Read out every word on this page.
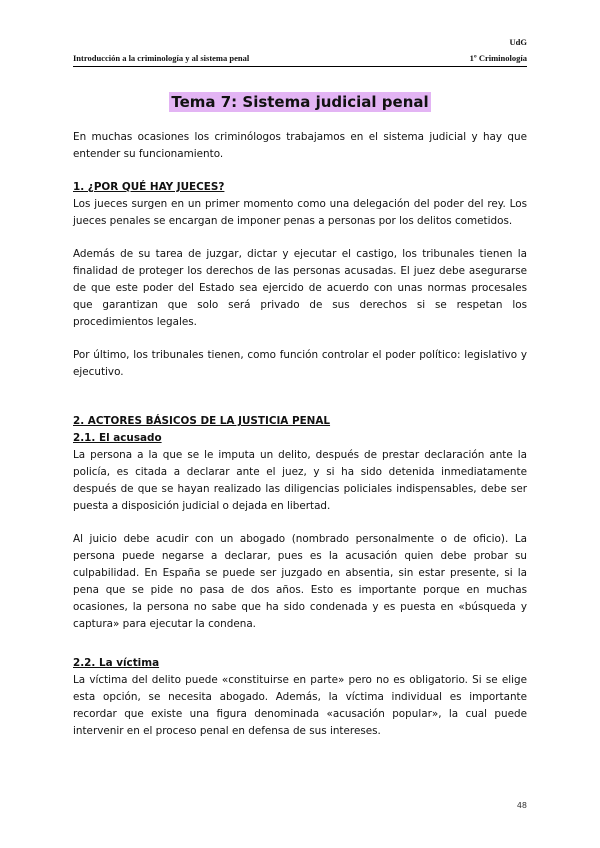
UdG
Introducción a la criminología y al sistema penal	1º Criminología
Tema 7: Sistema judicial penal

En muchas ocasiones los criminólogos trabajamos en el sistema judicial y hay que entender su funcionamiento.

1. ¿POR QUÉ HAY JUECES?

Los jueces surgen en un primer momento como una delegación del poder del rey. Los jueces penales se encargan de imponer penas a personas por los delitos cometidos.

Además de su tarea de juzgar, dictar y ejecutar el castigo, los tribunales tienen la finalidad de proteger los derechos de las personas acusadas. El juez debe asegurarse de que este poder del Estado sea ejercido de acuerdo con unas normas procesales que garantizan que solo será privado de sus derechos si se respetan los procedimientos legales.

Por último, los tribunales tienen, como función controlar el poder político: legislativo y ejecutivo.

2. ACTORES BÁSICOS DE LA JUSTICIA PENAL
2.1. El acusado

La persona a la que se le imputa un delito, después de prestar declaración ante la policía, es citada a declarar ante el juez, y si ha sido detenida inmediatamente después de que se hayan realizado las diligencias policiales indispensables, debe ser puesta a disposición judicial o dejada en libertad.

Al juicio debe acudir con un abogado (nombrado personalmente o de oficio). La persona puede negarse a declarar, pues es la acusación quien debe probar su culpabilidad. En España se puede ser juzgado en absentia, sin estar presente, si la pena que se pide no pasa de dos años. Esto es importante porque en muchas ocasiones, la persona no sabe que ha sido condenada y es puesta en «búsqueda y captura» para ejecutar la condena.

2.2. La víctima

La víctima del delito puede «constituirse en parte» pero no es obligatorio. Si se elige esta opción, se necesita abogado. Además, la víctima individual es importante recordar que existe una figura denominada «acusación popular», la cual puede intervenir en el proceso penal en defensa de sus intereses.

48
